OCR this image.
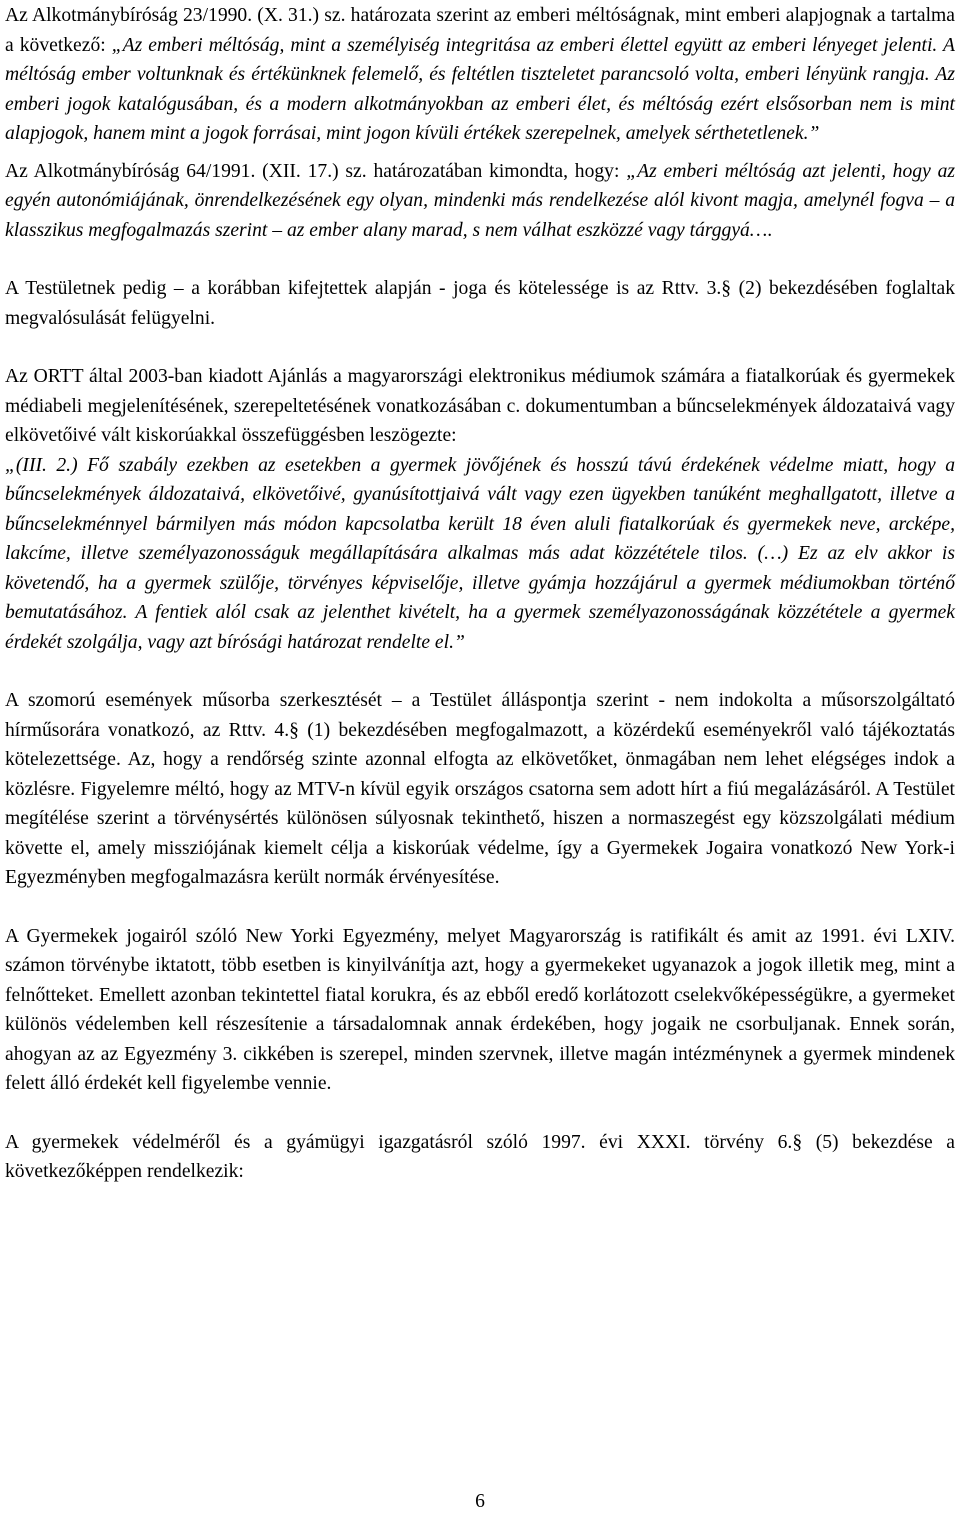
Az Alkotmánybíróság 23/1990. (X. 31.) sz. határozata szerint az emberi méltóságnak, mint emberi alapjognak a tartalma a következő: „Az emberi méltóság, mint a személyiség integritása az emberi élettel együtt az emberi lényeget jelenti. A méltóság ember voltunknak és értékünknek felemelő, és feltétlen tiszteletet parancsoló volta, emberi lényünk rangja. Az emberi jogok katalógusában, és a modern alkotmányokban az emberi élet, és méltóság ezért elsősorban nem is mint alapjogok, hanem mint a jogok forrásai, mint jogon kívüli értékek szerepelnek, amelyek sérthetetlenek.”

Az Alkotmánybíróság 64/1991. (XII. 17.) sz. határozatában kimondta, hogy: „Az emberi méltóság azt jelenti, hogy az egyén autonómiájának, önrendelkezésének egy olyan, mindenki más rendelkezése alól kivont magja, amelynél fogva – a klasszikus megfogalmazás szerint – az ember alany marad, s nem válhat eszközzé vagy tárggyá….

A Testületnek pedig – a korábban kifejtettek alapján - joga és kötelessége is az Rttv. 3.§ (2) bekezdésében foglaltak megvalósulását felügyelni.

Az ORTT által 2003-ban kiadott Ajánlás a magyarországi elektronikus médiumok számára a fiatalkorúak és gyermekek médiabeli megjelenítésének, szerepeltetésének vonatkozásában c. dokumentumban a bűncselekmények áldozataivá vagy elkövetőivé vált kiskorúakkal összefüggésben leszögezte:

„(III. 2.) Fő szabály ezekben az esetekben a gyermek jövőjének és hosszú távú érdekének védelme miatt, hogy a bűncselekmények áldozataivá, elkövetőivé, gyanúsítottjaivá vált vagy ezen ügyekben tanúként meghallgatott, illetve a bűncselekménnyel bármilyen más módon kapcsolatba került 18 éven aluli fiatalkorúak és gyermekek neve, arcképe, lakcíme, illetve személyazonosságuk megállapítására alkalmas más adat közzététele tilos. (…) Ez az elv akkor is követendő, ha a gyermek szülője, törvényes képviselője, illetve gyámja hozzájárul a gyermek médiumokban történő bemutatásához. A fentiek alól csak az jelenthet kivételt, ha a gyermek személyazonosságának közzététele a gyermek érdekét szolgálja, vagy azt bírósági határozat rendelte el.”

A szomorú események műsorba szerkesztését – a Testület álláspontja szerint - nem indokolta a műsorszolgáltató hírműsorára vonatkozó, az Rttv. 4.§ (1) bekezdésében megfogalmazott, a közérdekű eseményekről való tájékoztatás kötelezettsége. Az, hogy a rendőrség szinte azonnal elfogta az elkövetőket, önmagában nem lehet elégséges indok a közlésre. Figyelemre méltó, hogy az MTV-n kívül egyik országos csatorna sem adott hírt a fiú megalázásáról. A Testület megítélése szerint a törvénysértés különösen súlyosnak tekinthető, hiszen a normaszegést egy közszolgálati médium követte el, amely missziójának kiemelt célja a kiskorúak védelme, így a Gyermekek Jogaira vonatkozó New York-i Egyezményben megfogalmazásra került normák érvényesítése.

A Gyermekek jogairól szóló New Yorki Egyezmény, melyet Magyarország is ratifikált és amit az 1991. évi LXIV. számon törvénybe iktatott, több esetben is kinyilvánítja azt, hogy a gyermekeket ugyanazok a jogok illetik meg, mint a felnőtteket. Emellett azonban tekintettel fiatal korukra, és az ebből eredő korlátozott cselekvőképességükre, a gyermeket különös védelemben kell részesítenie a társadalomnak annak érdekében, hogy jogaik ne csorbuljanak. Ennek során, ahogyan az az Egyezmény 3. cikkében is szerepel, minden szervnek, illetve magán intézménynek a gyermek mindenek felett álló érdekét kell figyelembe vennie.

A gyermekek védelméről és a gyámügyi igazgatásról szóló 1997. évi XXXI. törvény 6.§ (5) bekezdése a következőképpen rendelkezik:

6
